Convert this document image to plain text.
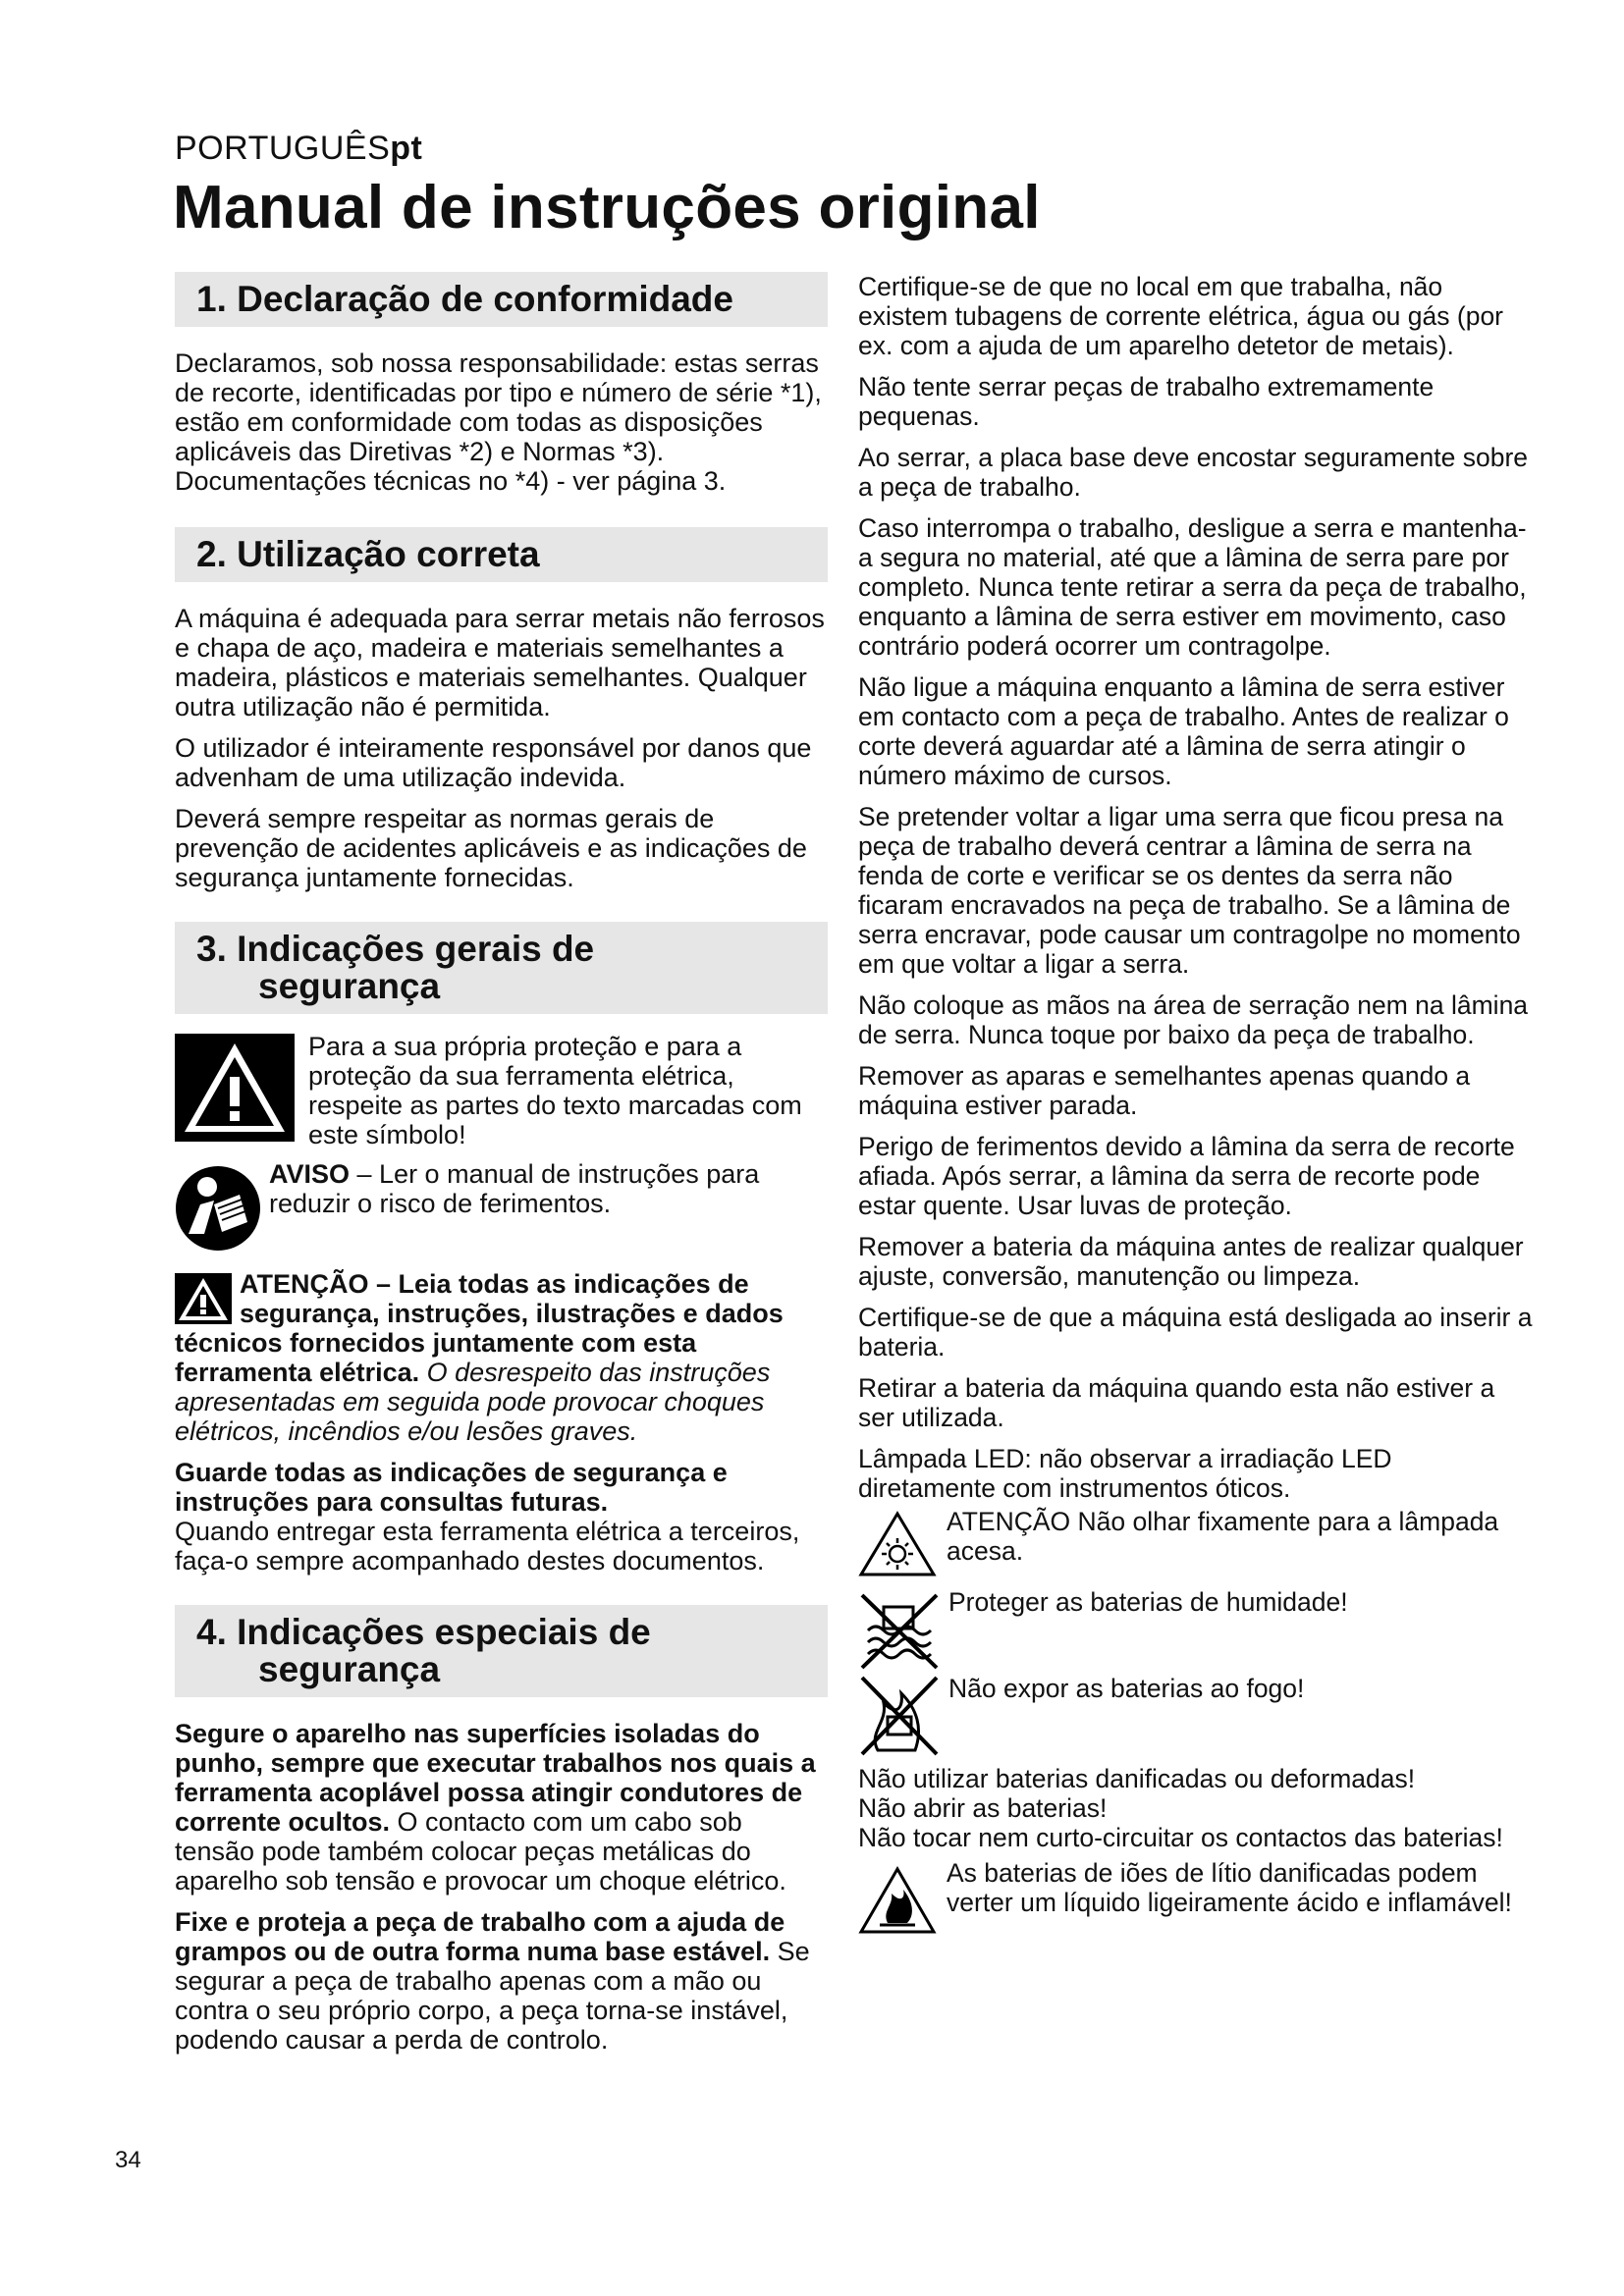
PORTUGUÊSpt
Manual de instruções original
1. Declaração de conformidade

Declaramos, sob nossa responsabilidade: estas serras de recorte, identificadas por tipo e número de série *1), estão em conformidade com todas as disposições aplicáveis das Diretivas *2) e Normas *3). Documentações técnicas no *4) - ver página 3.

2. Utilização correta

A máquina é adequada para serrar metais não ferrosos e chapa de aço, madeira e materiais semelhantes a madeira, plásticos e materiais semelhantes. Qualquer outra utilização não é permitida.

O utilizador é inteiramente responsável por danos que advenham de uma utilização indevida.

Deverá sempre respeitar as normas gerais de prevenção de acidentes aplicáveis e as indicações de segurança juntamente fornecidas.

3. Indicações gerais de
segurança

Para a sua própria proteção e para a proteção da sua ferramenta elétrica, respeite as partes do texto marcadas com este símbolo!

AVISO – Ler o manual de instruções para reduzir o risco de ferimentos.

ATENÇÃO – Leia todas as indicações de segurança, instruções, ilustrações e dados técnicos fornecidos juntamente com esta ferramenta elétrica. O desrespeito das instruções apresentadas em seguida pode provocar choques elétricos, incêndios e/ou lesões graves.

Guarde todas as indicações de segurança e instruções para consultas futuras.
Quando entregar esta ferramenta elétrica a terceiros, faça-o sempre acompanhado destes documentos.

4. Indicações especiais de
segurança

Segure o aparelho nas superfícies isoladas do punho, sempre que executar trabalhos nos quais a ferramenta acoplável possa atingir condutores de corrente ocultos. O contacto com um cabo sob tensão pode também colocar peças metálicas do aparelho sob tensão e provocar um choque elétrico.

Fixe e proteja a peça de trabalho com a ajuda de grampos ou de outra forma numa base estável. Se segurar a peça de trabalho apenas com a mão ou contra o seu próprio corpo, a peça torna-se instável, podendo causar a perda de controlo.

Certifique-se de que no local em que trabalha, não existem tubagens de corrente elétrica, água ou gás (por ex. com a ajuda de um aparelho detetor de metais).

Não tente serrar peças de trabalho extremamente pequenas.

Ao serrar, a placa base deve encostar seguramente sobre a peça de trabalho.

Caso interrompa o trabalho, desligue a serra e mantenha-a segura no material, até que a lâmina de serra pare por completo. Nunca tente retirar a serra da peça de trabalho, enquanto a lâmina de serra estiver em movimento, caso contrário poderá ocorrer um contragolpe.

Não ligue a máquina enquanto a lâmina de serra estiver em contacto com a peça de trabalho. Antes de realizar o corte deverá aguardar até a lâmina de serra atingir o número máximo de cursos.

Se pretender voltar a ligar uma serra que ficou presa na peça de trabalho deverá centrar a lâmina de serra na fenda de corte e verificar se os dentes da serra não ficaram encravados na peça de trabalho. Se a lâmina de serra encravar, pode causar um contragolpe no momento em que voltar a ligar a serra.

Não coloque as mãos na área de serração nem na lâmina de serra. Nunca toque por baixo da peça de trabalho.

Remover as aparas e semelhantes apenas quando a máquina estiver parada.

Perigo de ferimentos devido a lâmina da serra de recorte afiada. Após serrar, a lâmina da serra de recorte pode estar quente. Usar luvas de proteção.

Remover a bateria da máquina antes de realizar qualquer ajuste, conversão, manutenção ou limpeza.

Certifique-se de que a máquina está desligada ao inserir a bateria.

Retirar a bateria da máquina quando esta não estiver a ser utilizada.

Lâmpada LED: não observar a irradiação LED diretamente com instrumentos óticos.

ATENÇÃO Não olhar fixamente para a lâmpada acesa.

Proteger as baterias de humidade!

Não expor as baterias ao fogo!

Não utilizar baterias danificadas ou deformadas!
Não abrir as baterias!
Não tocar nem curto-circuitar os contactos das baterias!

As baterias de iões de lítio danificadas podem verter um líquido ligeiramente ácido e inflamável!

34
